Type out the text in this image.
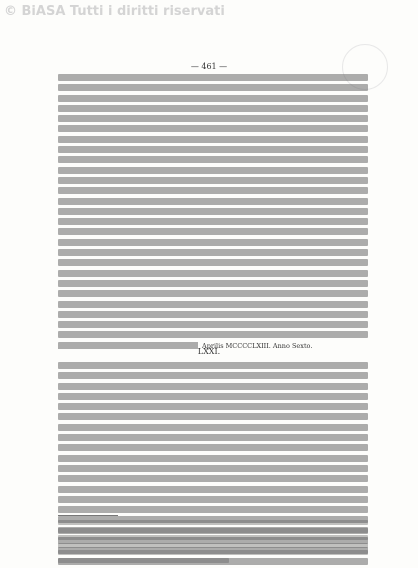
© BiASA Tutti i diritti riservati
— 461 —
Aprilis MCCCCLXIII. Anno Sexto.
LXXI.
